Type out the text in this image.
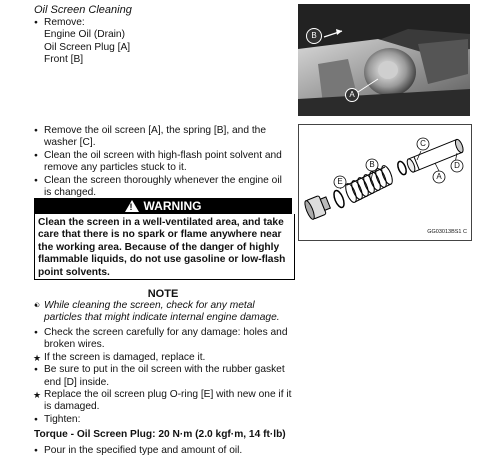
Oil Screen Cleaning
● Remove:
Engine Oil (Drain)
Oil Screen Plug [A]
Front [B]
● Remove the oil screen [A], the spring [B], and the washer [C].
● Clean the oil screen with high-flash point solvent and remove any particles stuck to it.
● Clean the screen thoroughly whenever the engine oil is changed.
! WARNING
Clean the screen in a well-ventilated area, and take care that there is no spark or flame anywhere near the working area. Because of the danger of highly flammable liquids, do not use gasoline or low-flash point solvents.
NOTE
● ○ While cleaning the screen, check for any metal particles that might indicate internal engine damage.
● Check the screen carefully for any damage: holes and broken wires.
★ If the screen is damaged, replace it.
● Be sure to put in the oil screen with the rubber gasket end [D] inside.
★ Replace the oil screen plug O-ring [E] with new one if it is damaged.
● Tighten:
Torque - Oil Screen Plug: 20 N·m (2.0 kgf·m, 14 ft·lb)
● Pour in the specified type and amount of oil.
B
A
C
B
A
D
E
GG03013BS1 C
